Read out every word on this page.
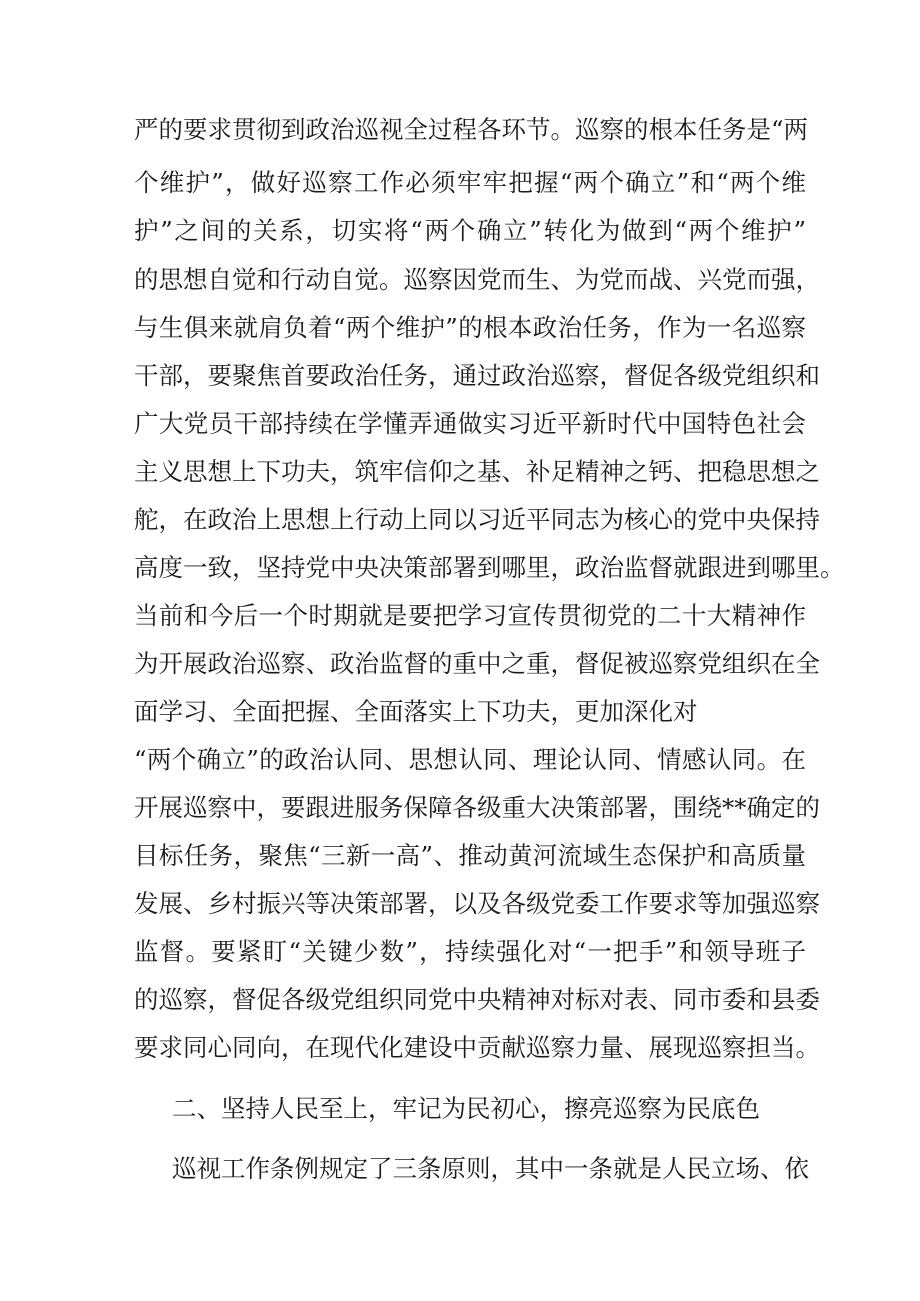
严的要求贯彻到政治巡视全过程各环节。巡察的根本任务是“两
个维护”，做好巡察工作必须牢牢把握“两个确立”和“两个维
护”之间的关系，切实将“两个确立”转化为做到“两个维护”
的思想自觉和行动自觉。巡察因党而生、为党而战、兴党而强，
与生俱来就肩负着“两个维护”的根本政治任务，作为一名巡察
干部，要聚焦首要政治任务，通过政治巡察，督促各级党组织和
广大党员干部持续在学懂弄通做实习近平新时代中国特色社会
主义思想上下功夫，筑牢信仰之基、补足精神之钙、把稳思想之
舵，在政治上思想上行动上同以习近平同志为核心的党中央保持
高度一致，坚持党中央决策部署到哪里，政治监督就跟进到哪里。
当前和今后一个时期就是要把学习宣传贯彻党的二十大精神作
为开展政治巡察、政治监督的重中之重，督促被巡察党组织在全
面学习、全面把握、全面落实上下功夫，更加深化对
“两个确立”的政治认同、思想认同、理论认同、情感认同。在
开展巡察中，要跟进服务保障各级重大决策部署，围绕**确定的
目标任务，聚焦“三新一高”、推动黄河流域生态保护和高质量
发展、乡村振兴等决策部署，以及各级党委工作要求等加强巡察
监督。要紧盯“关键少数”，持续强化对“一把手”和领导班子
的巡察，督促各级党组织同党中央精神对标对表、同市委和县委
要求同心同向，在现代化建设中贡献巡察力量、展现巡察担当。
二、坚持人民至上，牢记为民初心，擦亮巡察为民底色
巡视工作条例规定了三条原则，其中一条就是人民立场、依
